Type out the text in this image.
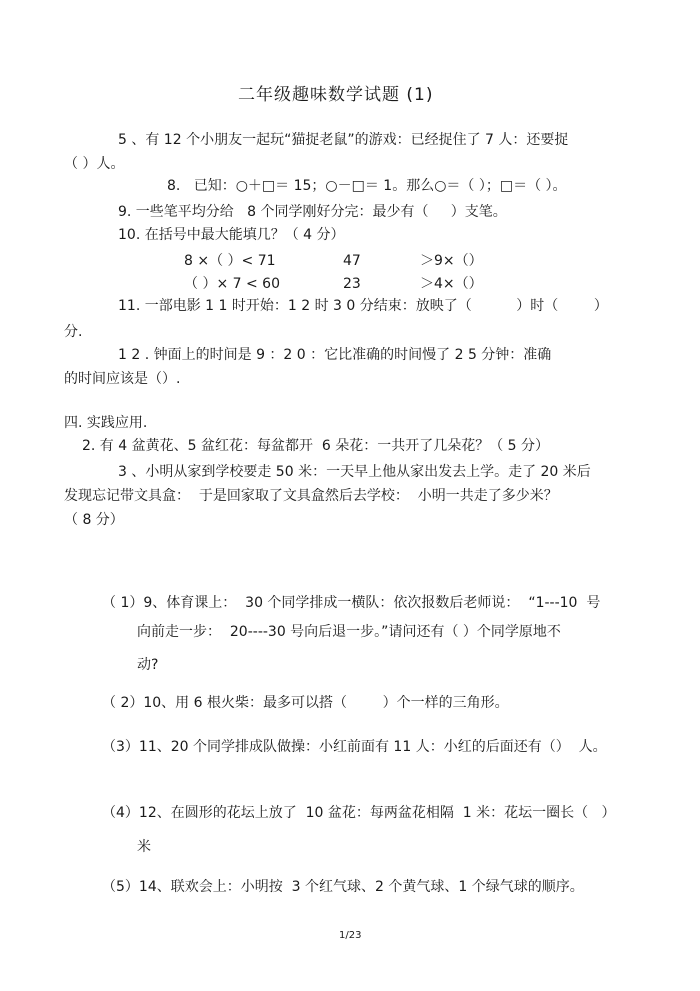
二年级趣味数学试题 (1)
5 、有 12 个小朋友一起玩“猫捉老鼠”的游戏：已经捉住了 7 人：还要捉
（ ）人。
8.   已知：○＋□＝ 15；○－□＝ 1。那么○＝（ ）；□＝（ ）。
9. 一些笔平均分给   8 个同学刚好分完：最少有（     ）支笔。
10. 在括号中最大能填几？（ 4 分）
8 ×（ ）< 71	47	＞9×（）
（ ）× 7 < 60	23	＞4×（）
11. 一部电影 1 1 时开始：1 2 时 3 0 分结束：放映了（          ）时（        ）
分.
1 2 . 钟面上的时间是 9 ：2 0 ：它比准确的时间慢了 2 5 分钟：准确
的时间应该是（）.
四. 实践应用.
2. 有 4 盆黄花、5 盆红花：每盆都开  6 朵花：一共开了几朵花？（ 5 分）
3 、小明从家到学校要走 50 米：一天早上他从家出发去上学。走了 20 米后
发现忘记带文具盒：  于是回家取了文具盒然后去学校：  小明一共走了多少米？
（ 8 分）
（ 1）9、体育课上：  30 个同学排成一横队：依次报数后老师说：  “1---10  号
向前走一步：  20----30 号向后退一步。”请问还有（ ）个同学原地不
动?
（ 2）10、用 6 根火柴：最多可以搭（        ）个一样的三角形。
（3）11、20 个同学排成队做操：小红前面有 11 人：小红的后面还有（）  人。
（4）12、在圆形的花坛上放了  10 盆花：每两盆花相隔  1 米：花坛一圈长（   ）
米
（5）14、联欢会上：小明按  3 个红气球、2 个黄气球、1 个绿气球的顺序。
1/23
